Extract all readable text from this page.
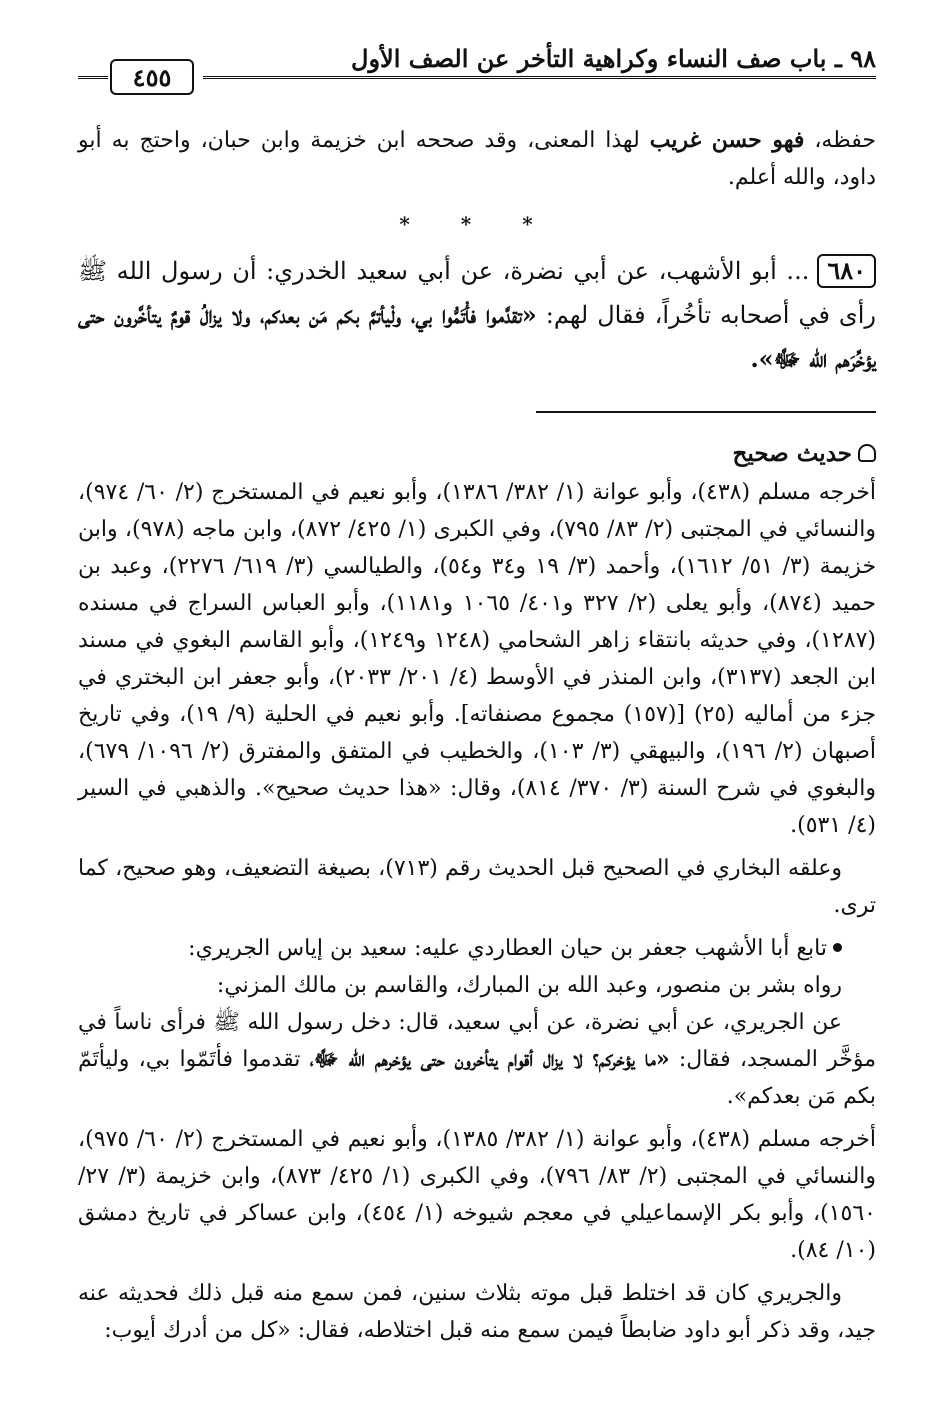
٩٨ ـ باب صف النساء وكراهية التأخر عن الصف الأول
٤٥٥

حفظه، فهو حسن غريب لهذا المعنى، وقد صححه ابن خزيمة وابن حبان، واحتج به أبو داود، والله أعلم.

* * *

٦٨٠... أبو الأشهب، عن أبي نضرة، عن أبي سعيد الخدري: أن رسول الله ﷺ رأى في أصحابه تأخُراً، فقال لهم: «تقدَّموا فأْتَمُّوا بي، ولْيأتمَّ بكم مَن بعدكم، ولا يزالُ قومٌ يتأخَّرون حتى يؤخِّرَهم الله ﷻ».

حديث صحيح

أخرجه مسلم (٤٣٨)، وأبو عوانة (١/ ٣٨٢/ ١٣٨٦)، وأبو نعيم في المستخرج (٢/ ٦٠/ ٩٧٤)، والنسائي في المجتبى (٢/ ٨٣/ ٧٩٥)، وفي الكبرى (١/ ٤٢٥/ ٨٧٢)، وابن ماجه (٩٧٨)، وابن خزيمة (٣/ ٥١/ ١٦١٢)، وأحمد (٣/ ١٩ و٣٤ و٥٤)، والطيالسي (٣/ ٦١٩/ ٢٢٧٦)، وعبد بن حميد (٨٧٤)، وأبو يعلى (٢/ ٣٢٧ و٤٠١/ ١٠٦٥ و١١٨١)، وأبو العباس السراج في مسنده (١٢٨٧)، وفي حديثه بانتقاء زاهر الشحامي (١٢٤٨ و١٢٤٩)، وأبو القاسم البغوي في مسند ابن الجعد (٣١٣٧)، وابن المنذر في الأوسط (٤/ ٢٠١/ ٢٠٣٣)، وأبو جعفر ابن البختري في جزء من أماليه (٢٥) [(١٥٧) مجموع مصنفاته]. وأبو نعيم في الحلية (٩/ ١٩)، وفي تاريخ أصبهان (٢/ ١٩٦)، والبيهقي (٣/ ١٠٣)، والخطيب في المتفق والمفترق (٢/ ١٠٩٦/ ٦٧٩)، والبغوي في شرح السنة (٣/ ٣٧٠/ ٨١٤)، وقال: «هذا حديث صحيح». والذهبي في السير (٤/ ٥٣١).

وعلقه البخاري في الصحيح قبل الحديث رقم (٧١٣)، بصيغة التضعيف، وهو صحيح، كما ترى.

تابع أبا الأشهب جعفر بن حيان العطاردي عليه: سعيد بن إياس الجريري:

رواه بشر بن منصور، وعبد الله بن المبارك، والقاسم بن مالك المزني:

عن الجريري، عن أبي نضرة، عن أبي سعيد، قال: دخل رسول الله ﷺ فرأى ناساً في مؤخَّر المسجد، فقال: «ما يؤخركم؟ لا يزال أقوام يتأخرون حتى يؤخرهم الله ﷻ، تقدموا فأتَمّوا بي، وليأتَمّ بكم مَن بعدكم».

أخرجه مسلم (٤٣٨)، وأبو عوانة (١/ ٣٨٢/ ١٣٨٥)، وأبو نعيم في المستخرج (٢/ ٦٠/ ٩٧٥)، والنسائي في المجتبى (٢/ ٨٣/ ٧٩٦)، وفي الكبرى (١/ ٤٢٥/ ٨٧٣)، وابن خزيمة (٣/ ٢٧/ ١٥٦٠)، وأبو بكر الإسماعيلي في معجم شيوخه (١/ ٤٥٤)، وابن عساكر في تاريخ دمشق (١٠/ ٨٤).

والجريري كان قد اختلط قبل موته بثلاث سنين، فمن سمع منه قبل ذلك فحديثه عنه جيد، وقد ذكر أبو داود ضابطاً فيمن سمع منه قبل اختلاطه، فقال: «كل من أدرك أيوب:
